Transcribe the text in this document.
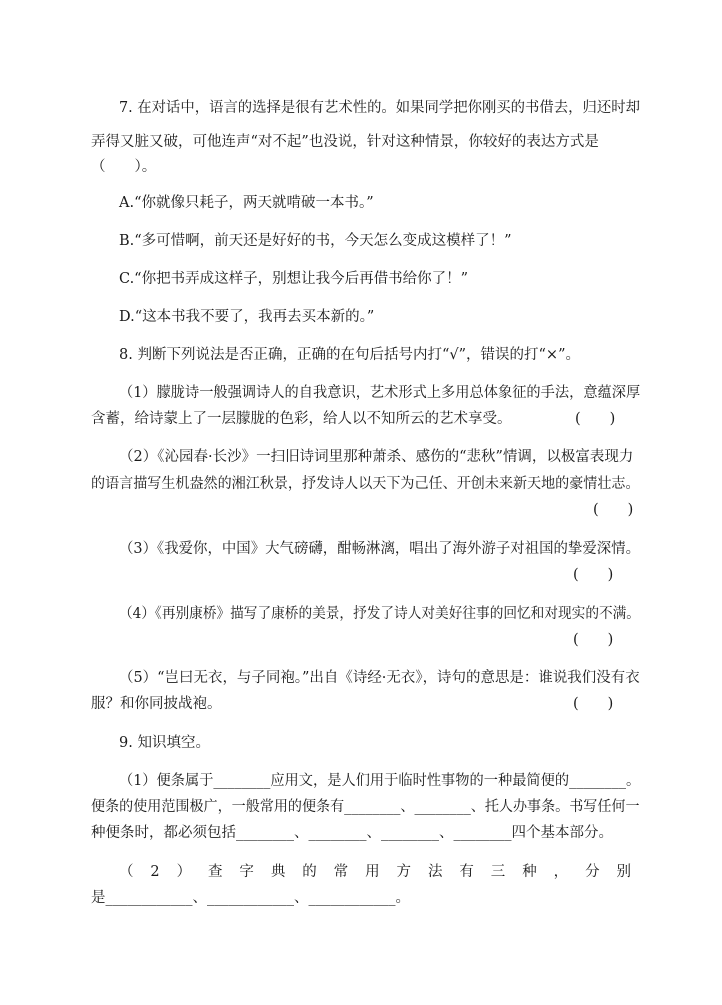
7. 在对话中，语言的选择是很有艺术性的。如果同学把你刚买的书借去，归还时却
弄得又脏又破，可他连声“对不起”也没说，针对这种情景，你较好的表达方式是
（　　）。
A.“你就像只耗子，两天就啃破一本书。”
B.“多可惜啊，前天还是好好的书，今天怎么变成这模样了！”
C.“你把书弄成这样子，别想让我今后再借书给你了！”
D.“这本书我不要了，我再去买本新的。”
8. 判断下列说法是否正确，正确的在句后括号内打“√”，错误的打“×”。
（1）朦胧诗一般强调诗人的自我意识，艺术形式上多用总体象征的手法，意蕴深厚
含蓄，给诗蒙上了一层朦胧的色彩，给人以不知所云的艺术享受。	(　　)
（2）《沁园春·长沙》一扫旧诗词里那种萧杀、感伤的“悲秋”情调，以极富表现力
的语言描写生机盎然的湘江秋景，抒发诗人以天下为己任、开创未来新天地的豪情壮志。
(　　)
（3）《我爱你，中国》大气磅礴，酣畅淋漓，唱出了海外游子对祖国的挚爱深情。
(　　)
（4）《再别康桥》描写了康桥的美景，抒发了诗人对美好往事的回忆和对现实的不满。
(　　)
（5）“岂曰无衣，与子同袍。”出自《诗经·无衣》，诗句的意思是：谁说我们没有衣
服？和你同披战袍。	(　　)
9. 知识填空。
（1）便条属于________应用文，是人们用于临时性事物的一种最简便的________。
便条的使用范围极广，一般常用的便条有________、________、托人办事条。书写任何一
种便条时，都必须包括________、________、________、________四个基本部分。
（2）查字典的常用方法有三种，分别
是____________、____________、____________。
